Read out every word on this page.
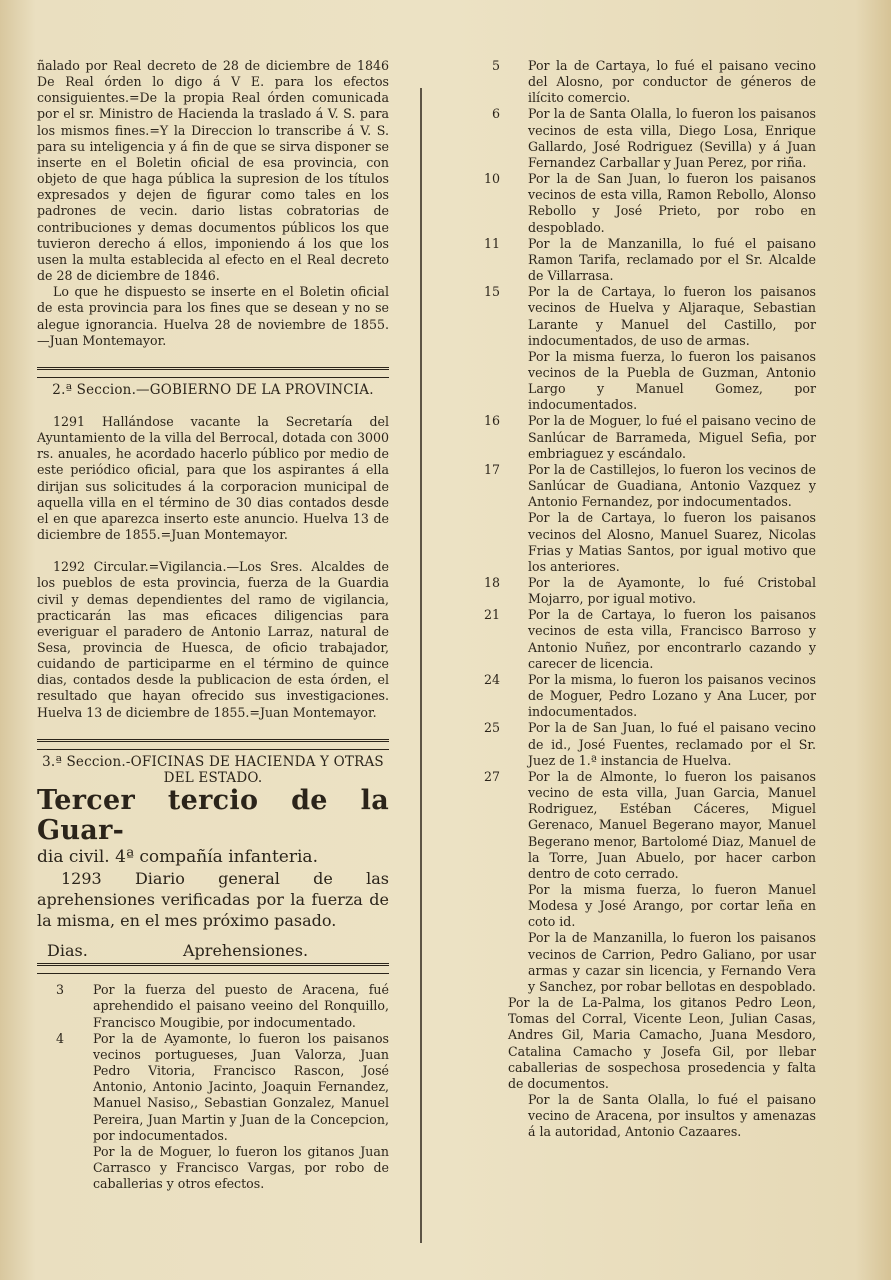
ñalado por Real decreto de 28 de diciembre de 1846 De Real órden lo digo á V E. para los efectos consiguientes.=De la propia Real órden comunicada por el sr. Ministro de Hacienda la traslado á V. S. para los mismos fines.=Y la Direccion lo transcribe á V. S. para su inteligencia y á fin de que se sirva disponer se inserte en el Boletin oficial de esa provincia, con objeto de que haga pública la supresion de los títulos expresados y dejen de figurar como tales en los padrones de vecin. dario listas cobratorias de contribuciones y demas documentos públicos los que tuvieron derecho á ellos, imponiendo á los que los usen la multa establecida al efecto en el Real decreto de 28 de diciembre de 1846.

Lo que he dispuesto se inserte en el Boletin oficial de esta provincia para los fines que se desean y no se alegue ignorancia. Huelva 28 de noviembre de 1855. —Juan Montemayor.

2.ª Seccion.—GOBIERNO DE LA PROVINCIA.

1291 Hallándose vacante la Secretaría del Ayuntamiento de la villa del Berrocal, dotada con 3000 rs. anuales, he acordado hacerlo público por medio de este periódico oficial, para que los aspirantes á ella dirijan sus solicitudes á la corporacion municipal de aquella villa en el término de 30 dias contados desde el en que aparezca inserto este anuncio. Huelva 13 de diciembre de 1855.=Juan Montemayor.

1292 Circular.=Vigilancia.—Los Sres. Alcaldes de los pueblos de esta provincia, fuerza de la Guardia civil y demas dependientes del ramo de vigilancia, practicarán las mas eficaces diligencias para everiguar el paradero de Antonio Larraz, natural de Sesa, provincia de Huesca, de oficio trabajador, cuidando de participarme en el término de quince dias, contados desde la publicacion de esta órden, el resultado que hayan ofrecido sus investigaciones. Huelva 13 de diciembre de 1855.=Juan Montemayor.

3.ª Seccion.-OFICINAS DE HACIENDA Y OTRAS

DEL ESTADO.

Tercer tercio de la Guar-

dia civil. 4ª compañía infanteria.

1293 Diario general de las aprehensiones verificadas por la fuerza de la misma, en el mes próximo pasado.

Dias.	Aprehensiones.

3	Por la fuerza del puesto de Aracena, fué aprehendido el paisano veeino del Ronquillo, Francisco Mougibie, por indocumentado.

4	Por la de Ayamonte, lo fueron los paisanos vecinos portugueses, Juan Valorza, Juan Pedro Vitoria, Francisco Rascon, José Antonio, Antonio Jacinto, Joaquin Fernandez, Manuel Nasiso,, Sebastian Gonzalez, Manuel Pereira, Juan Martin y Juan de la Concepcion, por indocumentados.

Por la de Moguer, lo fueron los gitanos Juan Carrasco y Francisco Vargas, por robo de caballerias y otros efectos.

5 Por la de Cartaya, lo fué el paisano vecino del Alosno, por conductor de géneros de ilícito comercio.

6 Por la de Santa Olalla, lo fueron los paisanos vecinos de esta villa, Diego Losa, Enrique Gallardo, José Rodriguez (Sevilla) y á Juan Fernandez Carballar y Juan Perez, por riña.

10 Por la de San Juan, lo fueron los paisanos vecinos de esta villa, Ramon Rebollo, Alonso Rebollo y José Prieto, por robo en despoblado.

11 Por la de Manzanilla, lo fué el paisano Ramon Tarifa, reclamado por el Sr. Alcalde de Villarrasa.

15 Por la de Cartaya, lo fueron los paisanos vecinos de Huelva y Aljaraque, Sebastian Larante y Manuel del Castillo, por indocumentados, de uso de armas.

Por la misma fuerza, lo fueron los paisanos vecinos de la Puebla de Guzman, Antonio Largo y Manuel Gomez, por indocumentados.

16 Por la de Moguer, lo fué el paisano vecino de Sanlúcar de Barrameda, Miguel Sefia, por embriaguez y escándalo.

17 Por la de Castillejos, lo fueron los vecinos de Sanlúcar de Guadiana, Antonio Vazquez y Antonio Fernandez, por indocumentados.

Por la de Cartaya, lo fueron los paisanos vecinos del Alosno, Manuel Suarez, Nicolas Frias y Matias Santos, por igual motivo que los anteriores.

18 Por la de Ayamonte, lo fué Cristobal Mojarro, por igual motivo.

21 Por la de Cartaya, lo fueron los paisanos vecinos de esta villa, Francisco Barroso y Antonio Nuñez, por encontrarlo cazando y carecer de licencia.

24 Por la misma, lo fueron los paisanos vecinos de Moguer, Pedro Lozano y Ana Lucer, por indocumentados.

25 Por la de San Juan, lo fué el paisano vecino de id., José Fuentes, reclamado por el Sr. Juez de 1.ª instancia de Huelva.

27 Por la de Almonte, lo fueron los paisanos vecino de esta villa, Juan Garcia, Manuel Rodriguez, Estéban Cáceres, Miguel Gerenaco, Manuel Begerano mayor, Manuel Begerano menor, Bartolomé Diaz, Manuel de la Torre, Juan Abuelo, por hacer carbon dentro de coto cerrado.

Por la misma fuerza, lo fueron Manuel Modesa y José Arango, por cortar leña en coto id.

Por la de Manzanilla, lo fueron los paisanos vecinos de Carrion, Pedro Galiano, por usar armas y cazar sin licencia, y Fernando Vera y Sanchez, por robar bellotas en despoblado.

Por la de La-Palma, los gitanos Pedro Leon, Tomas del Corral, Vicente Leon, Julian Casas, Andres Gil, Maria Camacho, Juana Mesdoro, Catalina Camacho y Josefa Gil, por llebar caballerias de sospechosa prosedencia y falta de documentos.

Por la de Santa Olalla, lo fué el paisano vecino de Aracena, por insultos y amenazas á la autoridad, Antonio Cazaares.
